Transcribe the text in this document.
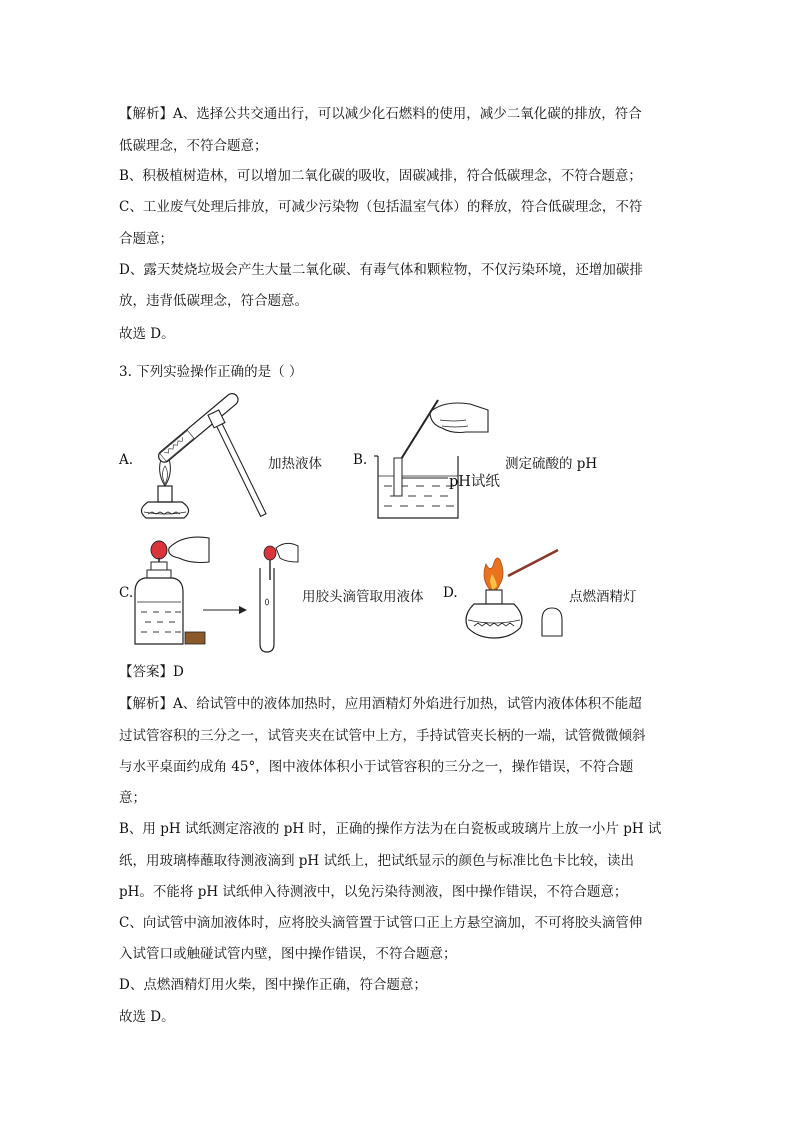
【解析】A、选择公共交通出行，可以减少化石燃料的使用，减少二氧化碳的排放，符合

低碳理念，不符合题意；

B、积极植树造林，可以增加二氧化碳的吸收，固碳减排，符合低碳理念，不符合题意；

C、工业废气处理后排放，可减少污染物（包括温室气体）的释放，符合低碳理念，不符

合题意；

D、露天焚烧垃圾会产生大量二氧化碳、有毒气体和颗粒物，不仅污染环境，还增加碳排

放，违背低碳理念，符合题意。

故选 D。

3. 下列实验操作正确的是（ ）

A.	加热液体 B.

pH试纸

测定硫酸的 pH

C.	用胶头滴管取用液体 D.	点燃酒精灯

【答案】D

【解析】A、给试管中的液体加热时，应用酒精灯外焰进行加热，试管内液体体积不能超

过试管容积的三分之一，试管夹夹在试管中上方，手持试管夹长柄的一端，试管微微倾斜

与水平桌面约成角 45°，图中液体体积小于试管容积的三分之一，操作错误，不符合题

意；

B、用 pH 试纸测定溶液的 pH 时，正确的操作方法为在白瓷板或玻璃片上放一小片 pH 试

纸，用玻璃棒蘸取待测液滴到 pH 试纸上，把试纸显示的颜色与标准比色卡比较，读出

pH。不能将 pH 试纸伸入待测液中，以免污染待测液，图中操作错误，不符合题意；

C、向试管中滴加液体时，应将胶头滴管置于试管口正上方悬空滴加，不可将胶头滴管伸

入试管口或触碰试管内壁，图中操作错误，不符合题意；

D、点燃酒精灯用火柴，图中操作正确，符合题意；

故选 D。
